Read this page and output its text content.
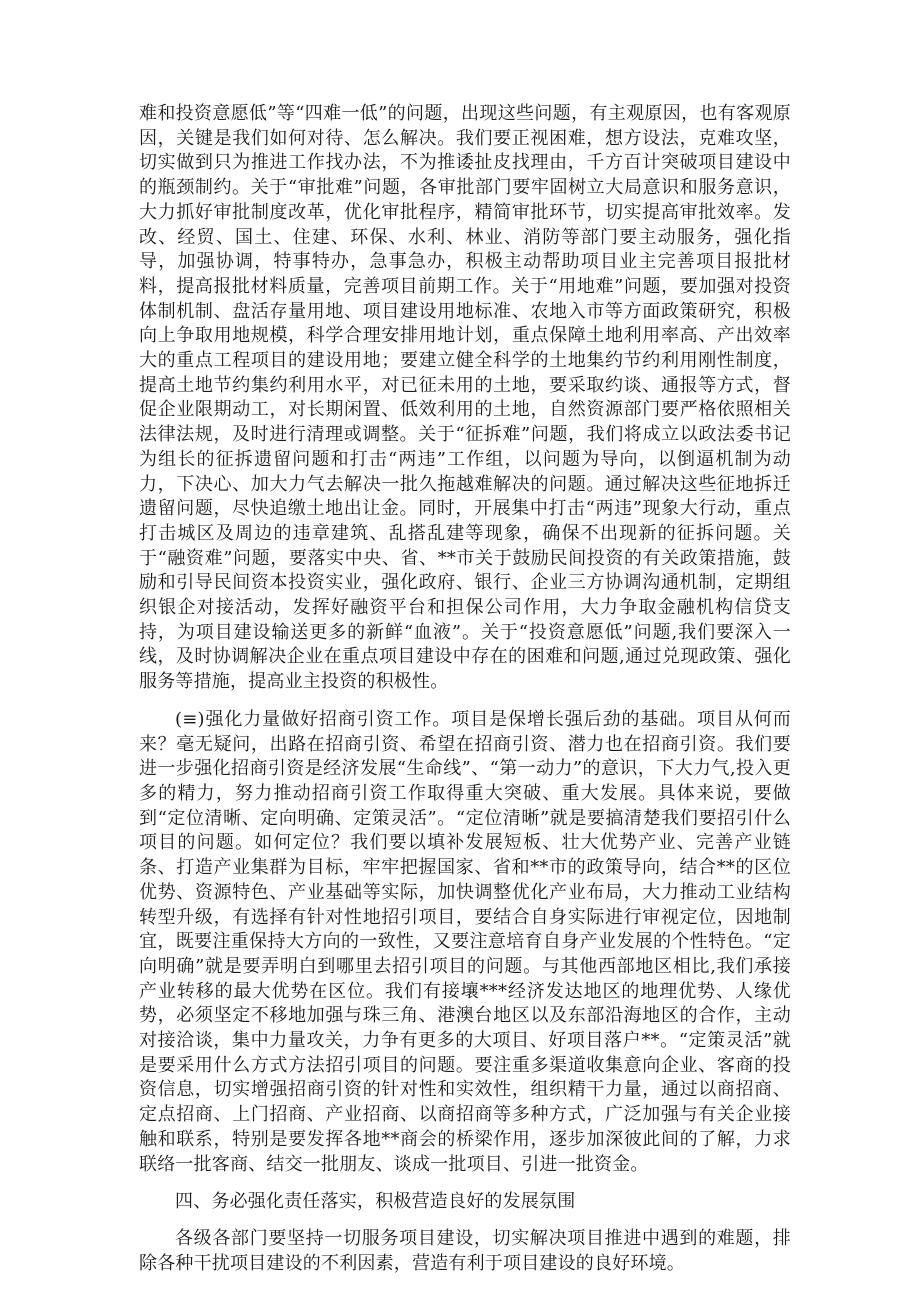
难和投资意愿低”等“四难一低”的问题，出现这些问题，有主观原因，也有客观原因，关键是我们如何对待、怎么解决。我们要正视困难，想方设法，克难攻坚，切实做到只为推进工作找办法，不为推诿扯皮找理由，千方百计突破项目建设中的瓶颈制约。关于“审批难”问题，各审批部门要牢固树立大局意识和服务意识，大力抓好审批制度改革，优化审批程序，精简审批环节，切实提高审批效率。发改、经贸、国土、住建、环保、水利、林业、消防等部门要主动服务，强化指导，加强协调，特事特办，急事急办，积极主动帮助项目业主完善项目报批材料，提高报批材料质量，完善项目前期工作。关于“用地难”问题，要加强对投资体制机制、盘活存量用地、项目建设用地标准、农地入市等方面政策研究，积极向上争取用地规模，科学合理安排用地计划，重点保障土地利用率高、产出效率大的重点工程项目的建设用地；要建立健全科学的土地集约节约利用刚性制度，提高土地节约集约利用水平，对已征未用的土地，要采取约谈、通报等方式，督促企业限期动工，对长期闲置、低效利用的土地，自然资源部门要严格依照相关法律法规，及时进行清理或调整。关于“征拆难”问题，我们将成立以政法委书记为组长的征拆遗留问题和打击“两违”工作组，以问题为导向，以倒逼机制为动力，下决心、加大力气去解决一批久拖越难解决的问题。通过解决这些征地拆迁遗留问题，尽快追缴土地出让金。同时，开展集中打击“两违”现象大行动，重点打击城区及周边的违章建筑、乱搭乱建等现象，确保不出现新的征拆问题。关于“融资难”问题，要落实中央、省、**市关于鼓励民间投资的有关政策措施，鼓励和引导民间资本投资实业，强化政府、银行、企业三方协调沟通机制，定期组织银企对接活动，发挥好融资平台和担保公司作用，大力争取金融机构信贷支持，为项目建设输送更多的新鲜“血液”。关于“投资意愿低”问题,我们要深入一线，及时协调解决企业在重点项目建设中存在的困难和问题,通过兑现政策、强化服务等措施，提高业主投资的积极性。

(≡)强化力量做好招商引资工作。项目是保增长强后劲的基础。项目从何而来？毫无疑问，出路在招商引资、希望在招商引资、潜力也在招商引资。我们要进一步强化招商引资是经济发展“生命线”、“第一动力”的意识，下大力气,投入更多的精力，努力推动招商引资工作取得重大突破、重大发展。具体来说，要做到“定位清晰、定向明确、定策灵活”。“定位清晰”就是要搞清楚我们要招引什么项目的问题。如何定位？我们要以填补发展短板、壮大优势产业、完善产业链条、打造产业集群为目标，牢牢把握国家、省和**市的政策导向，结合**的区位优势、资源特色、产业基础等实际，加快调整优化产业布局，大力推动工业结构转型升级，有选择有针对性地招引项目，要结合自身实际进行审视定位，因地制宜，既要注重保持大方向的一致性，又要注意培育自身产业发展的个性特色。“定向明确”就是要弄明白到哪里去招引项目的问题。与其他西部地区相比,我们承接产业转移的最大优势在区位。我们有接壤***经济发达地区的地理优势、人缘优势，必须坚定不移地加强与珠三角、港澳台地区以及东部沿海地区的合作，主动对接洽谈，集中力量攻关，力争有更多的大项目、好项目落户**。“定策灵活”就是要采用什么方式方法招引项目的问题。要注重多渠道收集意向企业、客商的投资信息，切实增强招商引资的针对性和实效性，组织精干力量，通过以商招商、定点招商、上门招商、产业招商、以商招商等多种方式，广泛加强与有关企业接触和联系，特别是要发挥各地**商会的桥梁作用，逐步加深彼此间的了解，力求联络一批客商、结交一批朋友、谈成一批项目、引进一批资金。

四、务必强化责任落实，积极营造良好的发展氛围

各级各部门要坚持一切服务项目建设，切实解决项目推进中遇到的难题，排除各种干扰项目建设的不利因素，营造有利于项目建设的良好环境。
